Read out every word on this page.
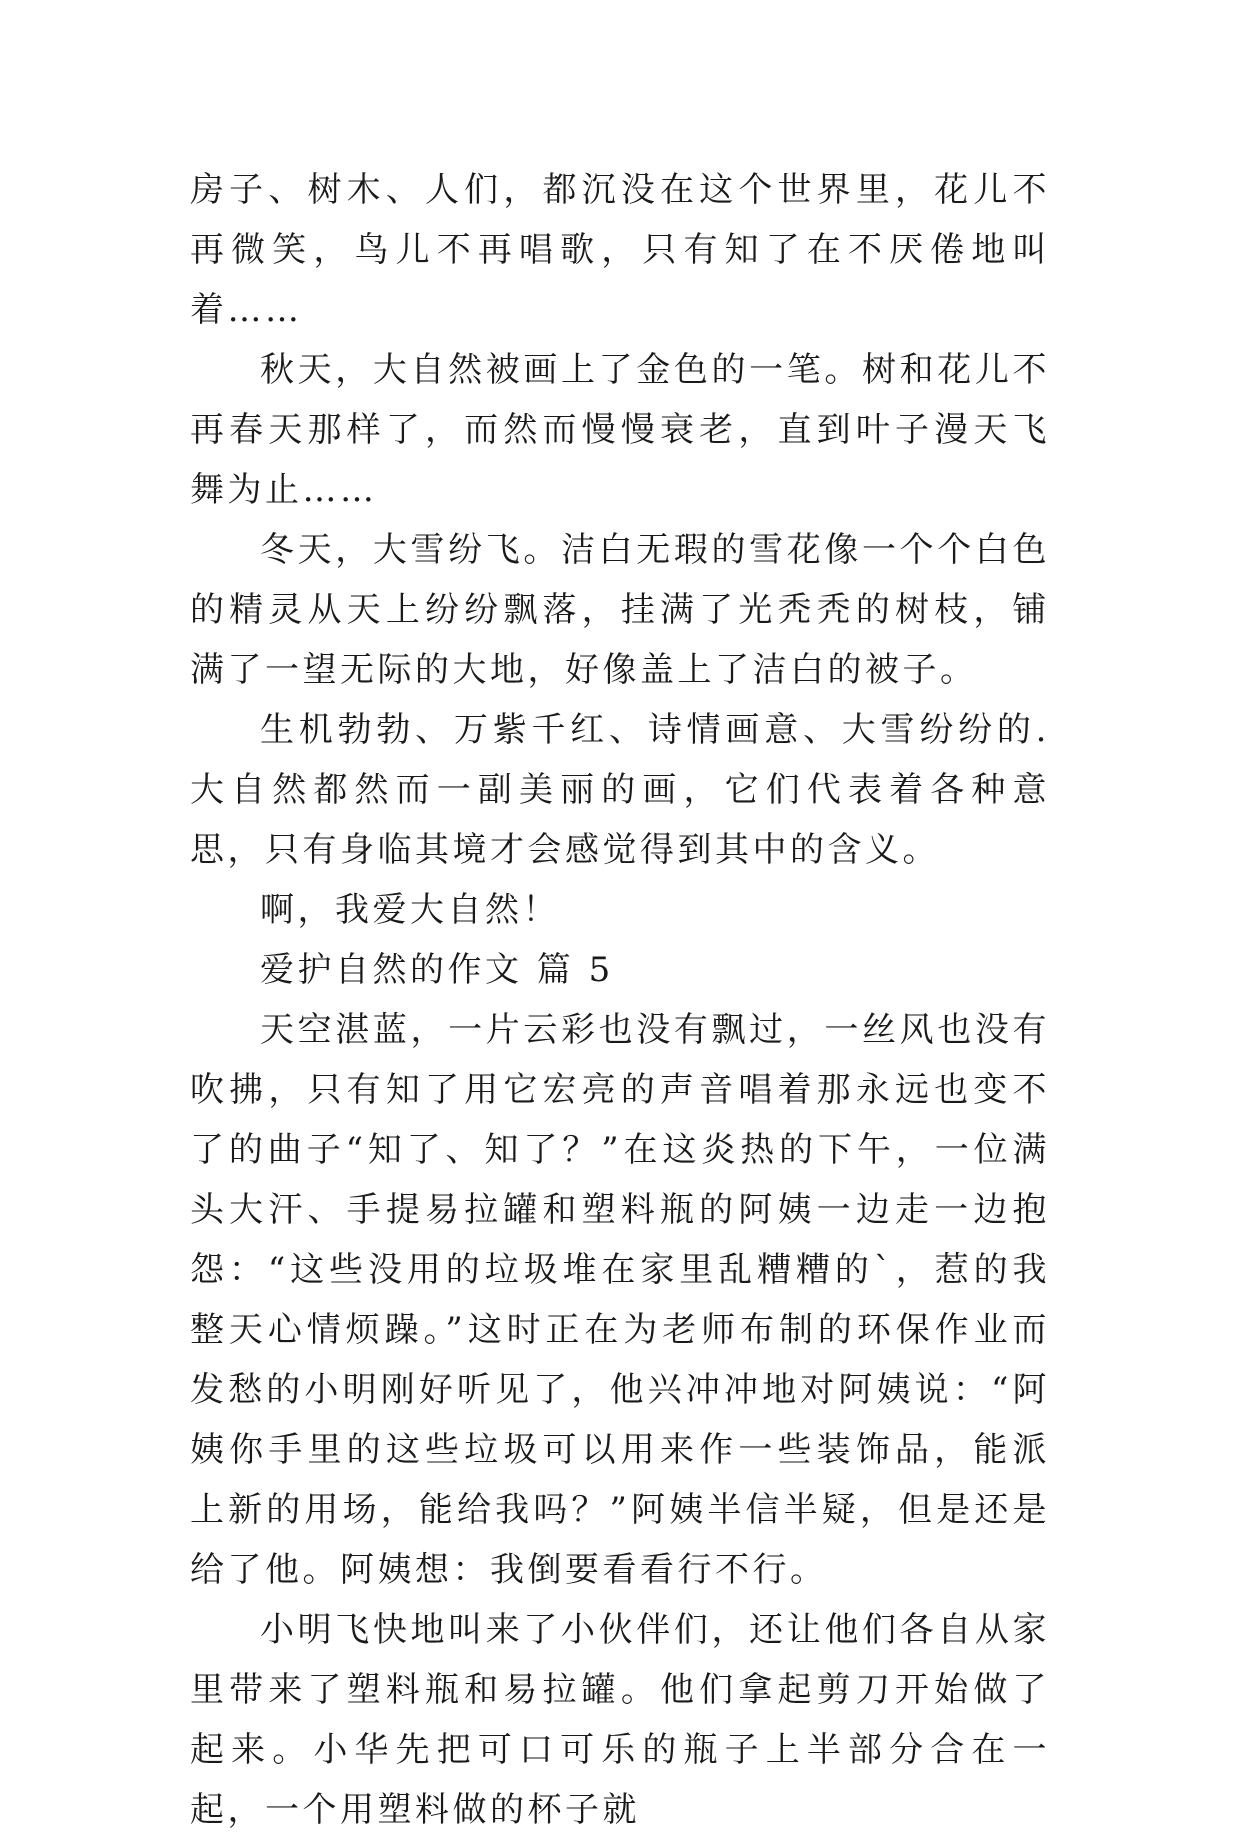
房子、树木、人们，都沉没在这个世界里，花儿不再微笑，鸟儿不再唱歌，只有知了在不厌倦地叫着……

秋天，大自然被画上了金色的一笔。树和花儿不再春天那样了，而然而慢慢衰老，直到叶子漫天飞舞为止……

冬天，大雪纷飞。洁白无瑕的雪花像一个个白色的精灵从天上纷纷飘落，挂满了光秃秃的树枝，铺满了一望无际的大地，好像盖上了洁白的被子。

生机勃勃、万紫千红、诗情画意、大雪纷纷的.大自然都然而一副美丽的画，它们代表着各种意思，只有身临其境才会感觉得到其中的含义。

啊，我爱大自然！

爱护自然的作文 篇 5

天空湛蓝，一片云彩也没有飘过，一丝风也没有吹拂，只有知了用它宏亮的声音唱着那永远也变不了的曲子“知了、知了？”在这炎热的下午，一位满头大汗、手提易拉罐和塑料瓶的阿姨一边走一边抱怨：“这些没用的垃圾堆在家里乱糟糟的`，惹的我整天心情烦躁。”这时正在为老师布制的环保作业而发愁的小明刚好听见了，他兴冲冲地对阿姨说：“阿姨你手里的这些垃圾可以用来作一些装饰品，能派上新的用场，能给我吗？”阿姨半信半疑，但是还是给了他。阿姨想：我倒要看看行不行。

小明飞快地叫来了小伙伴们，还让他们各自从家里带来了塑料瓶和易拉罐。他们拿起剪刀开始做了起来。小华先把可口可乐的瓶子上半部分合在一起，一个用塑料做的杯子就
